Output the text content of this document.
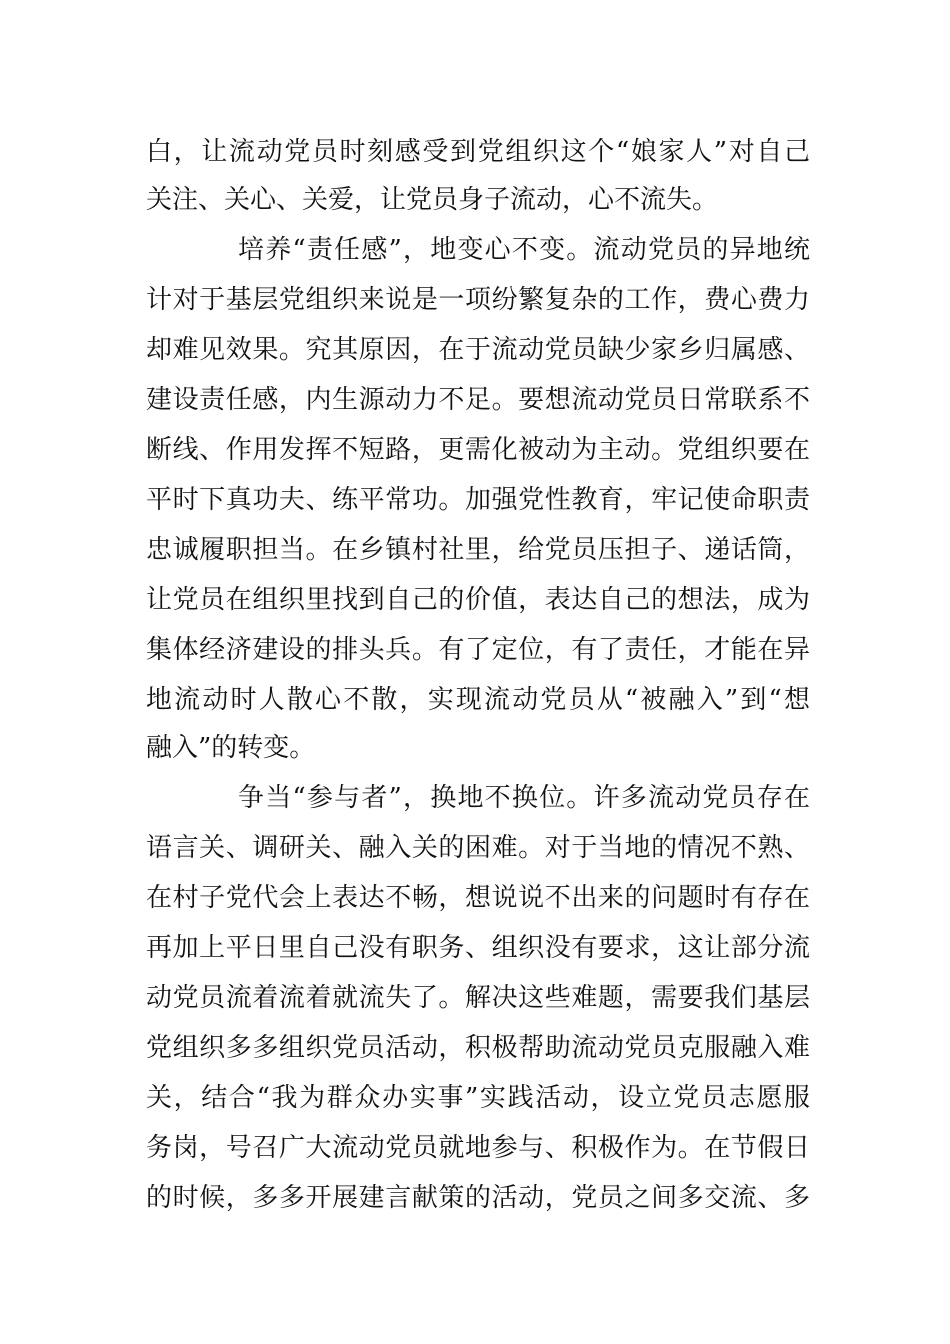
白，让流动党员时刻感受到党组织这个“娘家人”对自己
关注、关心、关爱，让党员身子流动，心不流失。
培养“责任感”，地变心不变。流动党员的异地统
计对于基层党组织来说是一项纷繁复杂的工作，费心费力
却难见效果。究其原因，在于流动党员缺少家乡归属感、
建设责任感，内生源动力不足。要想流动党员日常联系不
断线、作用发挥不短路，更需化被动为主动。党组织要在
平时下真功夫、练平常功。加强党性教育，牢记使命职责
忠诚履职担当。在乡镇村社里，给党员压担子、递话筒，
让党员在组织里找到自己的价值，表达自己的想法，成为
集体经济建设的排头兵。有了定位，有了责任，才能在异
地流动时人散心不散，实现流动党员从“被融入”到“想
融入”的转变。
争当“参与者”，换地不换位。许多流动党员存在
语言关、调研关、融入关的困难。对于当地的情况不熟、
在村子党代会上表达不畅，想说说不出来的问题时有存在
再加上平日里自己没有职务、组织没有要求，这让部分流
动党员流着流着就流失了。解决这些难题，需要我们基层
党组织多多组织党员活动，积极帮助流动党员克服融入难
关，结合“我为群众办实事”实践活动，设立党员志愿服
务岗，号召广大流动党员就地参与、积极作为。在节假日
的时候，多多开展建言献策的活动，党员之间多交流、多
